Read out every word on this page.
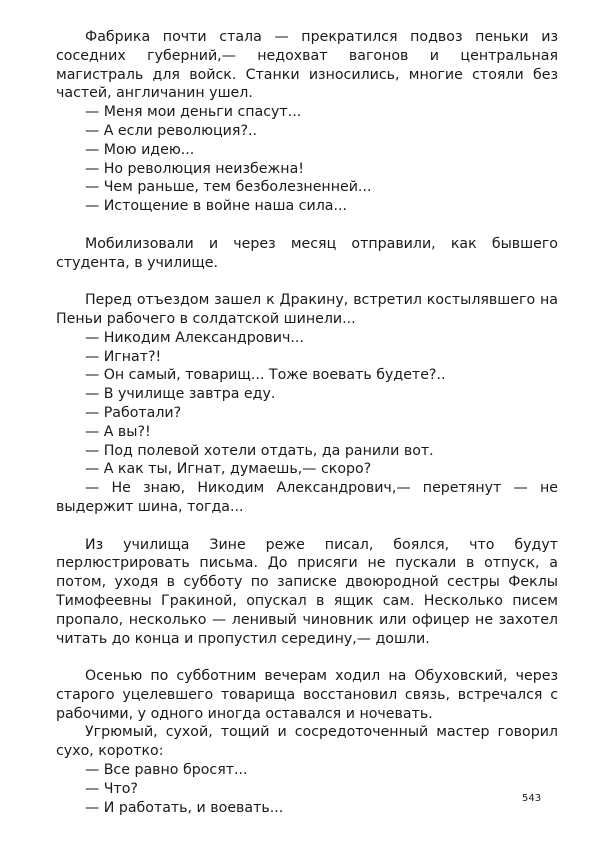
Фабрика почти стала — прекратился подвоз пеньки из соседних губерний,— недохват вагонов и центральная магистраль для войск. Станки износились, многие стояли без частей, англичанин ушел.

— Меня мои деньги спасут...

— А если революция?..

— Мою идею...

— Но революция неизбежна!

— Чем раньше, тем безболезненней...

— Истощение в войне наша сила...

Мобилизовали и через месяц отправили, как бывшего студента, в училище.

Перед отъездом зашел к Дракину, встретил костылявшего на Пеньи рабочего в солдатской шинели...

— Никодим Александрович...

— Игнат?!

— Он самый, товарищ... Тоже воевать будете?..

— В училище завтра еду.

— Работали?

— А вы?!

— Под полевой хотели отдать, да ранили вот.

— А как ты, Игнат, думаешь,— скоро?

— Не знаю, Никодим Александрович,— перетянут — не выдержит шина, тогда...

Из училища Зине реже писал, боялся, что будут перлюстрировать письма. До присяги не пускали в отпуск, а потом, уходя в субботу по записке двоюродной сестры Феклы Тимофеевны Гракиной, опускал в ящик сам. Несколько писем пропало, несколько — ленивый чиновник или офицер не захотел читать до конца и пропустил середину,— дошли.

Осенью по субботним вечерам ходил на Обуховский, через старого уцелевшего товарища восстановил связь, встречался с рабочими, у одного иногда оставался и ночевать.

Угрюмый, сухой, тощий и сосредоточенный мастер говорил сухо, коротко:

— Все равно бросят...

— Что?

— И работать, и воевать...

543
